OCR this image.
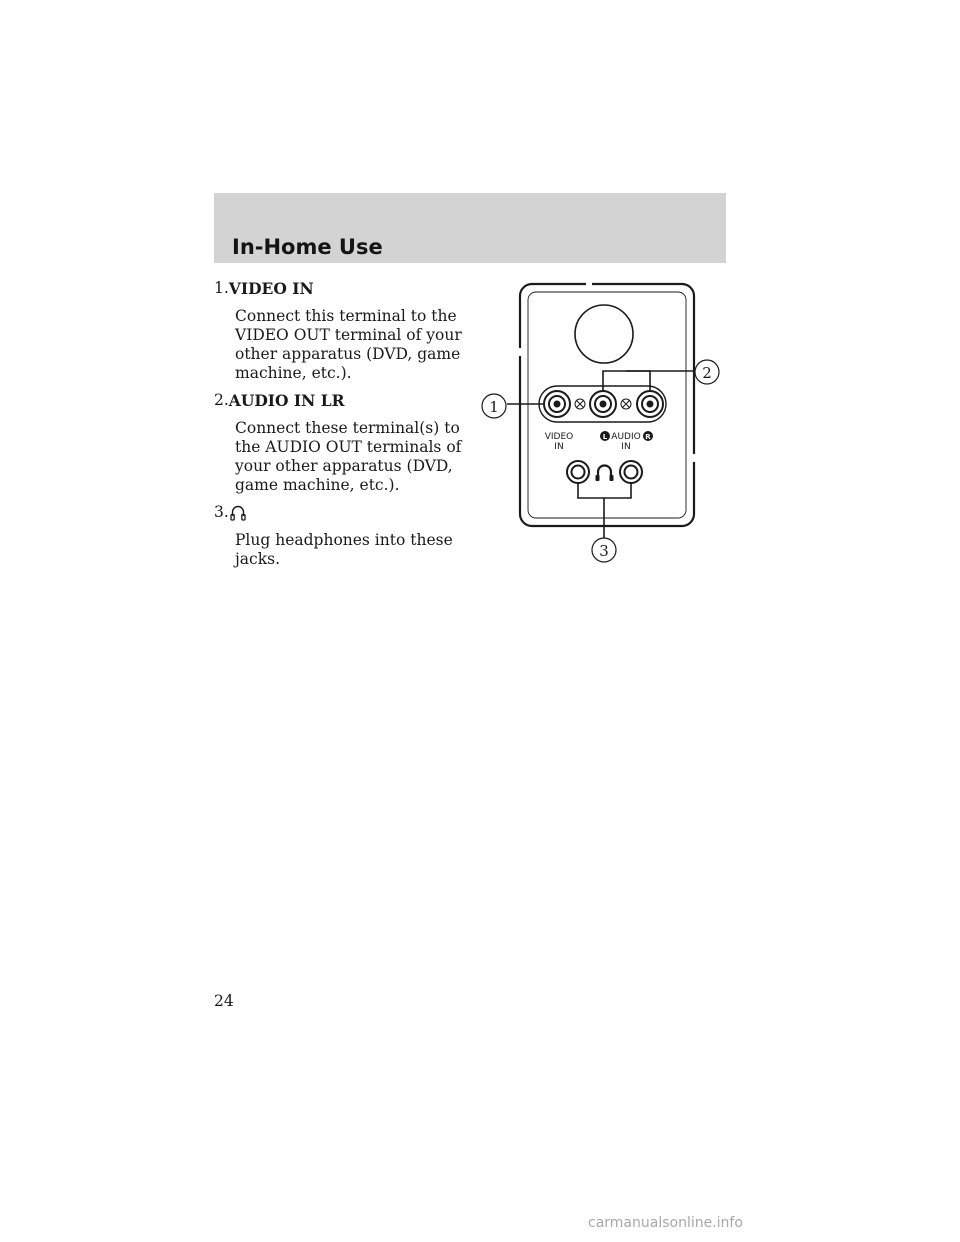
In-Home Use
1. VIDEO IN
Connect this terminal to the VIDEO OUT terminal of your other apparatus (DVD, game machine, etc.).
2. AUDIO IN LR
Connect these terminal(s) to the AUDIO OUT terminals of your other apparatus (DVD, game machine, etc.).
3.
Plug headphones into these jacks.
VIDEO
IN
L AUDIO R
IN
1
2
3
24
carmanualsonline.info
